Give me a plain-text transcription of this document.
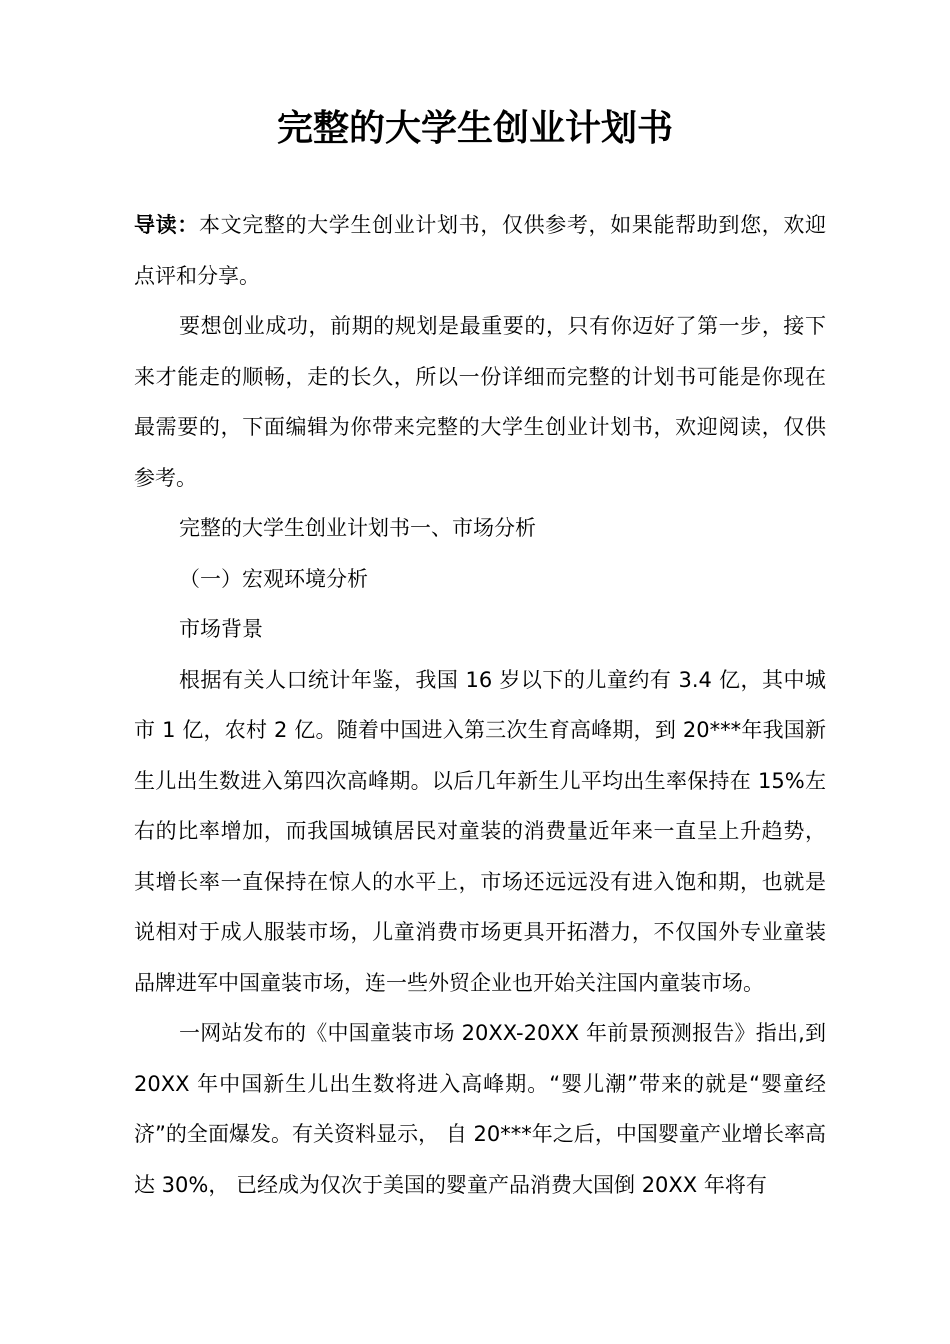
完整的大学生创业计划书

导读：本文完整的大学生创业计划书，仅供参考，如果能帮助到您，欢迎点评和分享。

要想创业成功，前期的规划是最重要的，只有你迈好了第一步，接下来才能走的顺畅，走的长久，所以一份详细而完整的计划书可能是你现在最需要的，下面编辑为你带来完整的大学生创业计划书，欢迎阅读，仅供参考。

完整的大学生创业计划书一、市场分析

（一）宏观环境分析

市场背景

根据有关人口统计年鉴，我国 16 岁以下的儿童约有 3.4 亿，其中城市 1 亿，农村 2 亿。随着中国进入第三次生育高峰期，到 20***年我国新生儿出生数进入第四次高峰期。以后几年新生儿平均出生率保持在 15%左右的比率增加，而我国城镇居民对童装的消费量近年来一直呈上升趋势，其增长率一直保持在惊人的水平上，市场还远远没有进入饱和期，也就是说相对于成人服装市场，儿童消费市场更具开拓潜力，不仅国外专业童装品牌进军中国童装市场，连一些外贸企业也开始关注国内童装市场。

一网站发布的《中国童装市场 20XX-20XX 年前景预测报告》指出,到 20XX 年中国新生儿出生数将进入高峰期。“婴儿潮”带来的就是“婴童经济”的全面爆发。有关资料显示， 自 20***年之后，中国婴童产业增长率高达 30%， 已经成为仅次于美国的婴童产品消费大国倒 20XX 年将有
